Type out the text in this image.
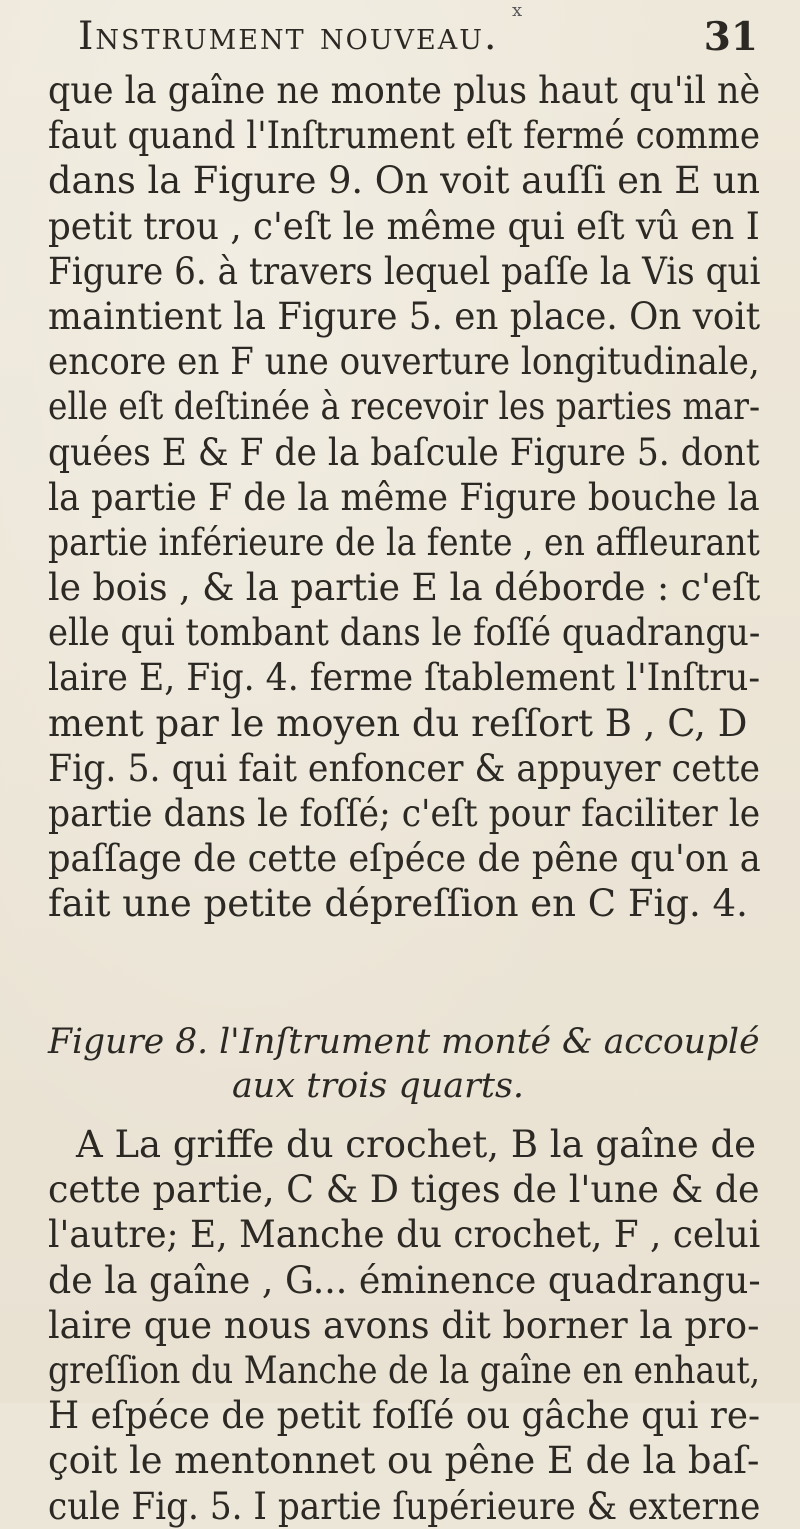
x
Instrument nouveau.	31
que la gaîne ne monte plus haut qu'il nè
faut quand l'Inſtrument eſt fermé comme
dans la Figure 9. On voit auſſi en E un
petit trou , c'eſt le même qui eſt vû en I
Figure 6. à travers lequel paſſe la Vis qui
maintient la Figure 5. en place. On voit
encore en F une ouverture longitudinale,
elle eſt deſtinée à recevoir les parties mar-
quées E & F de la baſcule Figure 5. dont
la partie F de la même Figure bouche la
partie inférieure de la fente , en affleurant
le bois , & la partie E la déborde : c'eſt
elle qui tombant dans le foſſé quadrangu-
laire E, Fig. 4. ferme ſtablement l'Inſtru-
ment par le moyen du reſſort B , C, D
Fig. 5. qui fait enfoncer & appuyer cette
partie dans le foſſé; c'eſt pour faciliter le
paſſage de cette eſpéce de pêne qu'on a
fait une petite dépreſſion en C Fig. 4.
Figure 8. l'Inſtrument monté & accouplé
aux trois quarts.
A La griffe du crochet, B la gaîne de
cette partie, C & D tiges de l'une & de
l'autre; E, Manche du crochet, F , celui
de la gaîne , G... éminence quadrangu-
laire que nous avons dit borner la pro-
greſſion du Manche de la gaîne en enhaut,
H eſpéce de petit foſſé ou gâche qui re-
çoit le mentonnet ou pêne E de la baſ-
cule Fig. 5. I partie ſupérieure & externe
